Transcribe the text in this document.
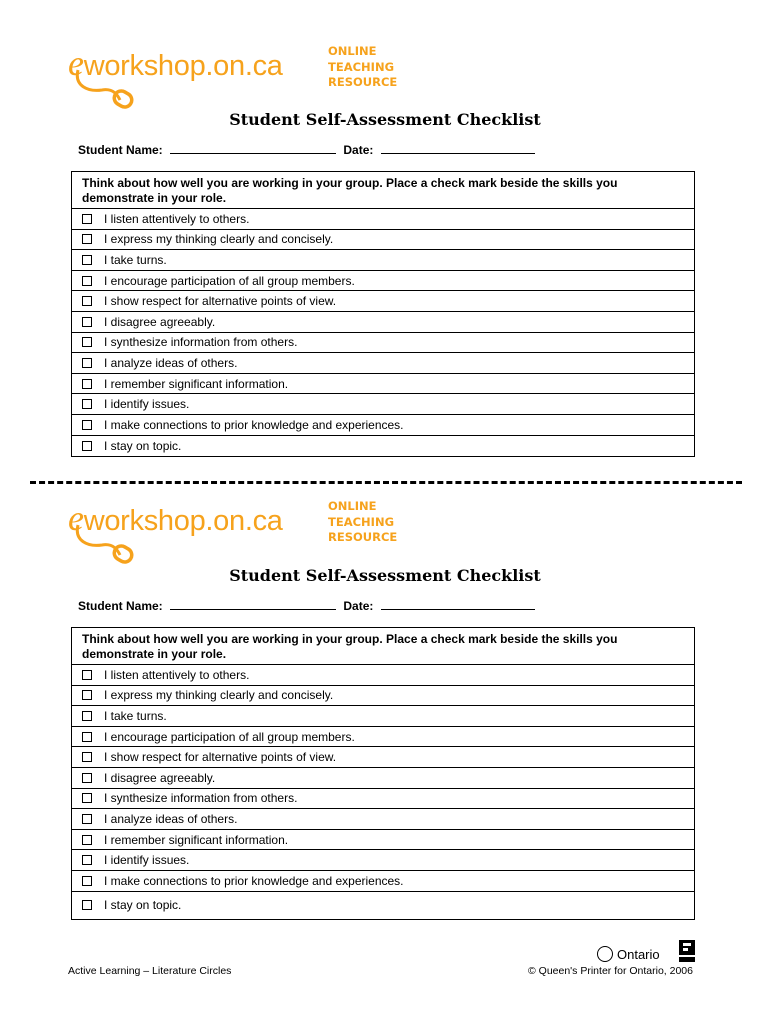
eworkshop.on.ca	ONLINE
TEACHING
RESOURCE
Student Self-Assessment Checklist
Student Name:	Date:
Think about how well you are working in your group. Place a check mark beside the skills you demonstrate in your role.
I listen attentively to others.
I express my thinking clearly and concisely.
I take turns.
I encourage participation of all group members.
I show respect for alternative points of view.
I disagree agreeably.
I synthesize information from others.
I analyze ideas of others.
I remember significant information.
I identify issues.
I make connections to prior knowledge and experiences.
I stay on topic.
eworkshop.on.ca	ONLINE
TEACHING
RESOURCE
Student Self-Assessment Checklist
Student Name:	Date:
Think about how well you are working in your group. Place a check mark beside the skills you demonstrate in your role.
I listen attentively to others.
I express my thinking clearly and concisely.
I take turns.
I encourage participation of all group members.
I show respect for alternative points of view.
I disagree agreeably.
I synthesize information from others.
I analyze ideas of others.
I remember significant information.
I identify issues.
I make connections to prior knowledge and experiences.
I stay on topic.
Ontario
Active Learning – Literature Circles	© Queen's Printer for Ontario, 2006
